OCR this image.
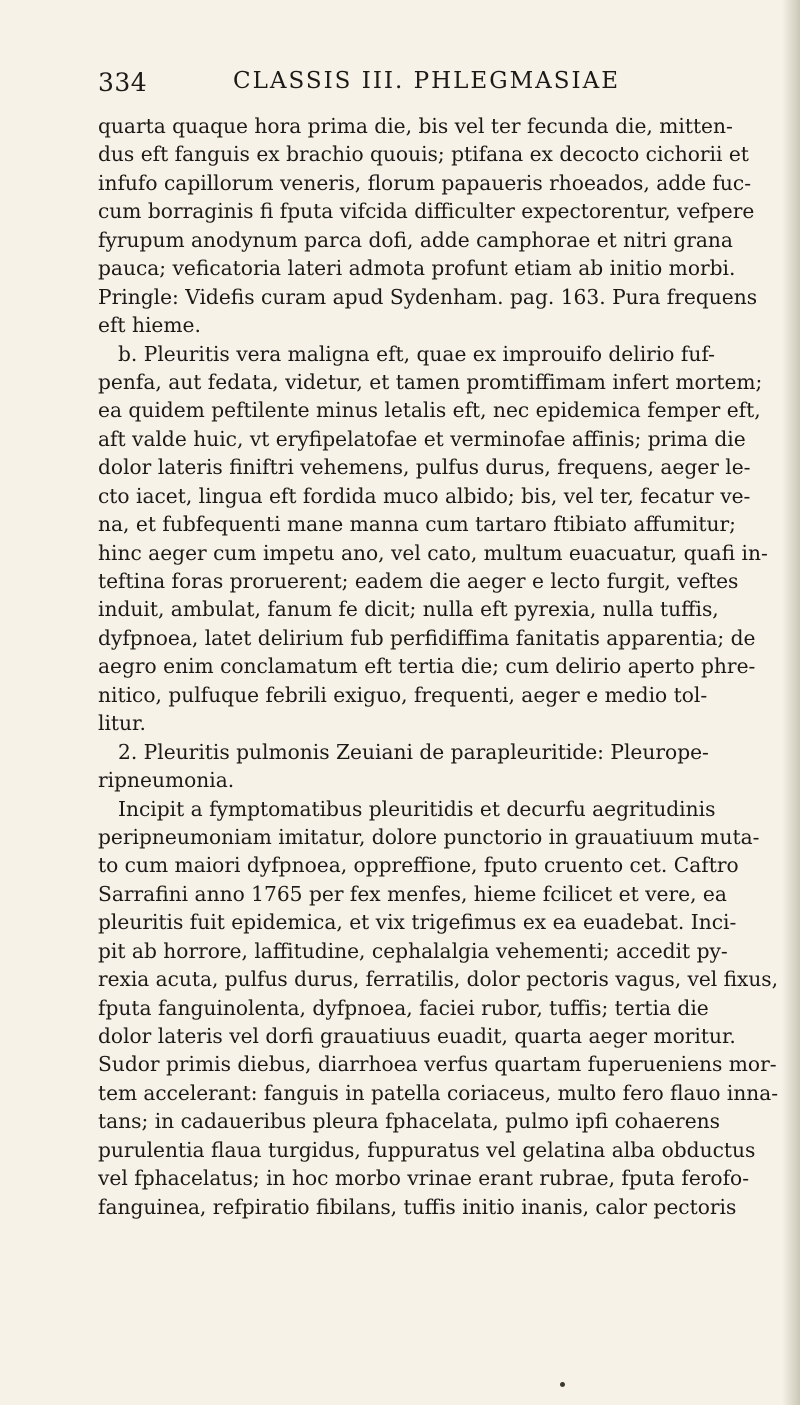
334	CLASSIS III. PHLEGMASIAE
quarta quaque hora prima die, bis vel ter fecunda die, mitten-
dus eft fanguis ex brachio quouis; ptifana ex decocto cichorii et
infufo capillorum veneris, florum papaueris rhoeados, adde fuc-
cum borraginis fi fputa vifcida difficulter expectorentur, vefpere
fyrupum anodynum parca dofi, adde camphorae et nitri grana
pauca; veficatoria lateri admota profunt etiam ab initio morbi.
Pringle: Videfis curam apud Sydenham. pag. 163. Pura frequens
eft hieme.
b. Pleuritis vera maligna eft, quae ex improuifo delirio fuf-
penfa, aut fedata, videtur, et tamen promtiffimam infert mortem;
ea quidem peftilente minus letalis eft, nec epidemica femper eft,
aft valde huic, vt eryfipelatofae et verminofae affinis; prima die
dolor lateris finiftri vehemens, pulfus durus, frequens, aeger le-
cto iacet, lingua eft fordida muco albido; bis, vel ter, fecatur ve-
na, et fubfequenti mane manna cum tartaro ftibiato affumitur;
hinc aeger cum impetu ano, vel cato, multum euacuatur, quafi in-
teftina foras proruerent; eadem die aeger e lecto furgit, veftes
induit, ambulat, fanum fe dicit; nulla eft pyrexia, nulla tuffis,
dyfpnoea, latet delirium fub perfidiffima fanitatis apparentia; de
aegro enim conclamatum eft tertia die; cum delirio aperto phre-
nitico, pulfuque febrili exiguo, frequenti, aeger e medio tol-
litur.
2. Pleuritis pulmonis Zeuiani de parapleuritide: Pleurope-
ripneumonia.
Incipit a fymptomatibus pleuritidis et decurfu aegritudinis
peripneumoniam imitatur, dolore punctorio in grauatiuum muta-
to cum maiori dyfpnoea, oppreffione, fputo cruento cet. Caftro
Sarrafini anno 1765 per fex menfes, hieme fcilicet et vere, ea
pleuritis fuit epidemica, et vix trigefimus ex ea euadebat. Inci-
pit ab horrore, laffitudine, cephalalgia vehementi; accedit py-
rexia acuta, pulfus durus, ferratilis, dolor pectoris vagus, vel fixus,
fputa fanguinolenta, dyfpnoea, faciei rubor, tuffis; tertia die
dolor lateris vel dorfi grauatiuus euadit, quarta aeger moritur.
Sudor primis diebus, diarrhoea verfus quartam fuperueniens mor-
tem accelerant: fanguis in patella coriaceus, multo fero flauo inna-
tans; in cadaueribus pleura fphacelata, pulmo ipfi cohaerens
purulentia flaua turgidus, fuppuratus vel gelatina alba obductus
vel fphacelatus; in hoc morbo vrinae erant rubrae, fputa ferofo-
fanguinea, refpiratio fibilans, tuffis initio inanis, calor pectoris
